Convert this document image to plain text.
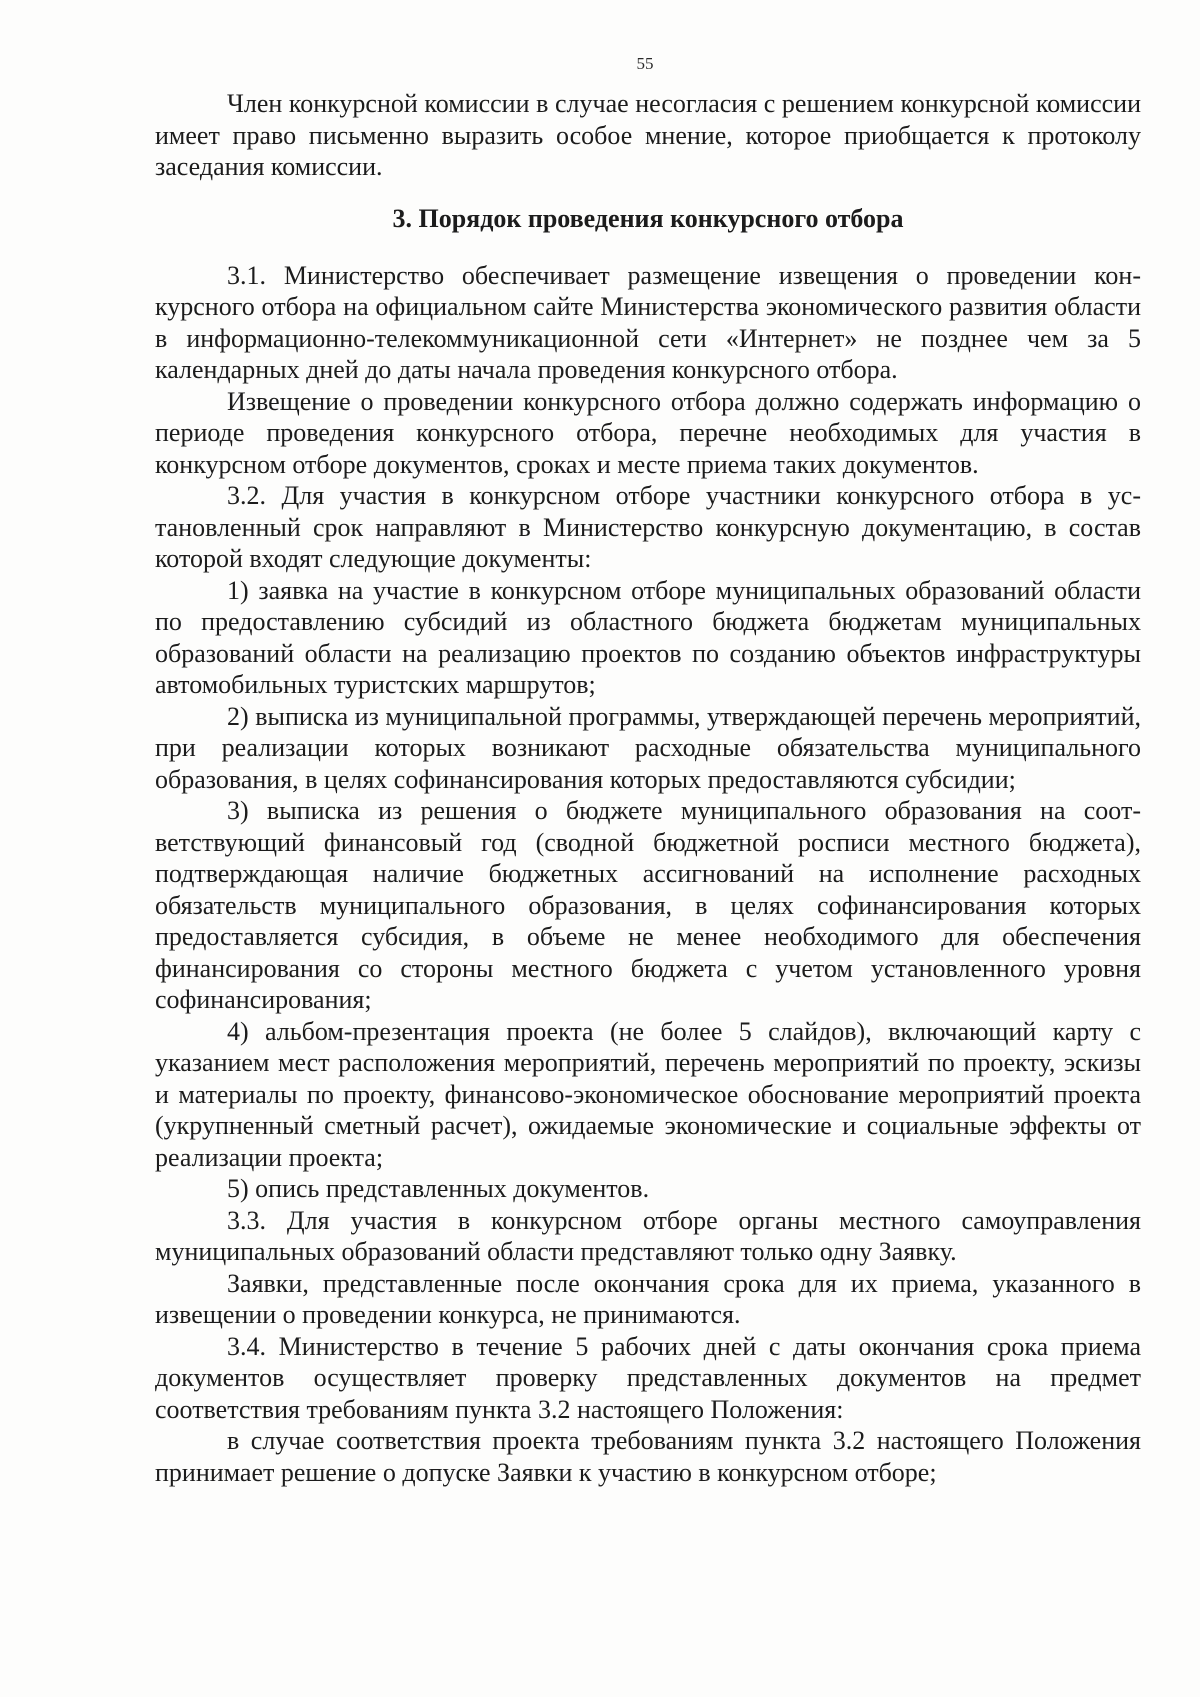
55

Член конкурсной комиссии в случае несогласия с решением конкурсной комиссии имеет право письменно выразить особое мнение, которое приобщается к протоколу заседания комиссии.

3. Порядок проведения конкурсного отбора

3.1. Министерство обеспечивает размещение извещения о проведении конкурсного отбора на официальном сайте Министерства экономического развития области в информационно-телекоммуникационной сети «Интернет» не позднее чем за 5 календарных дней до даты начала проведения конкурсного отбора.

Извещение о проведении конкурсного отбора должно содержать информацию о периоде проведения конкурсного отбора, перечне необходимых для участия в конкурсном отборе документов, сроках и месте приема таких документов.

3.2. Для участия в конкурсном отборе участники конкурсного отбора в установленный срок направляют в Министерство конкурсную документацию, в состав которой входят следующие документы:

1) заявка на участие в конкурсном отборе муниципальных образований области по предоставлению субсидий из областного бюджета бюджетам муниципальных образований области на реализацию проектов по созданию объектов инфраструктуры автомобильных туристских маршрутов;

2) выписка из муниципальной программы, утверждающей перечень мероприятий, при реализации которых возникают расходные обязательства муниципального образования, в целях софинансирования которых предоставляются субсидии;

3) выписка из решения о бюджете муниципального образования на соответствующий финансовый год (сводной бюджетной росписи местного бюджета), подтверждающая наличие бюджетных ассигнований на исполнение расходных обязательств муниципального образования, в целях софинансирования которых предоставляется субсидия, в объеме не менее необходимого для обеспечения финансирования со стороны местного бюджета с учетом установленного уровня софинансирования;

4) альбом-презентация проекта (не более 5 слайдов), включающий карту с указанием мест расположения мероприятий, перечень мероприятий по проекту, эскизы и материалы по проекту, финансово-экономическое обоснование мероприятий проекта (укрупненный сметный расчет), ожидаемые экономические и социальные эффекты от реализации проекта;

5) опись представленных документов.

3.3. Для участия в конкурсном отборе органы местного самоуправления муниципальных образований области представляют только одну Заявку.

Заявки, представленные после окончания срока для их приема, указанного в извещении о проведении конкурса, не принимаются.

3.4. Министерство в течение 5 рабочих дней с даты окончания срока приема документов осуществляет проверку представленных документов на предмет соответствия требованиям пункта 3.2 настоящего Положения:

в случае соответствия проекта требованиям пункта 3.2 настоящего Положения принимает решение о допуске Заявки к участию в конкурсном отборе;
